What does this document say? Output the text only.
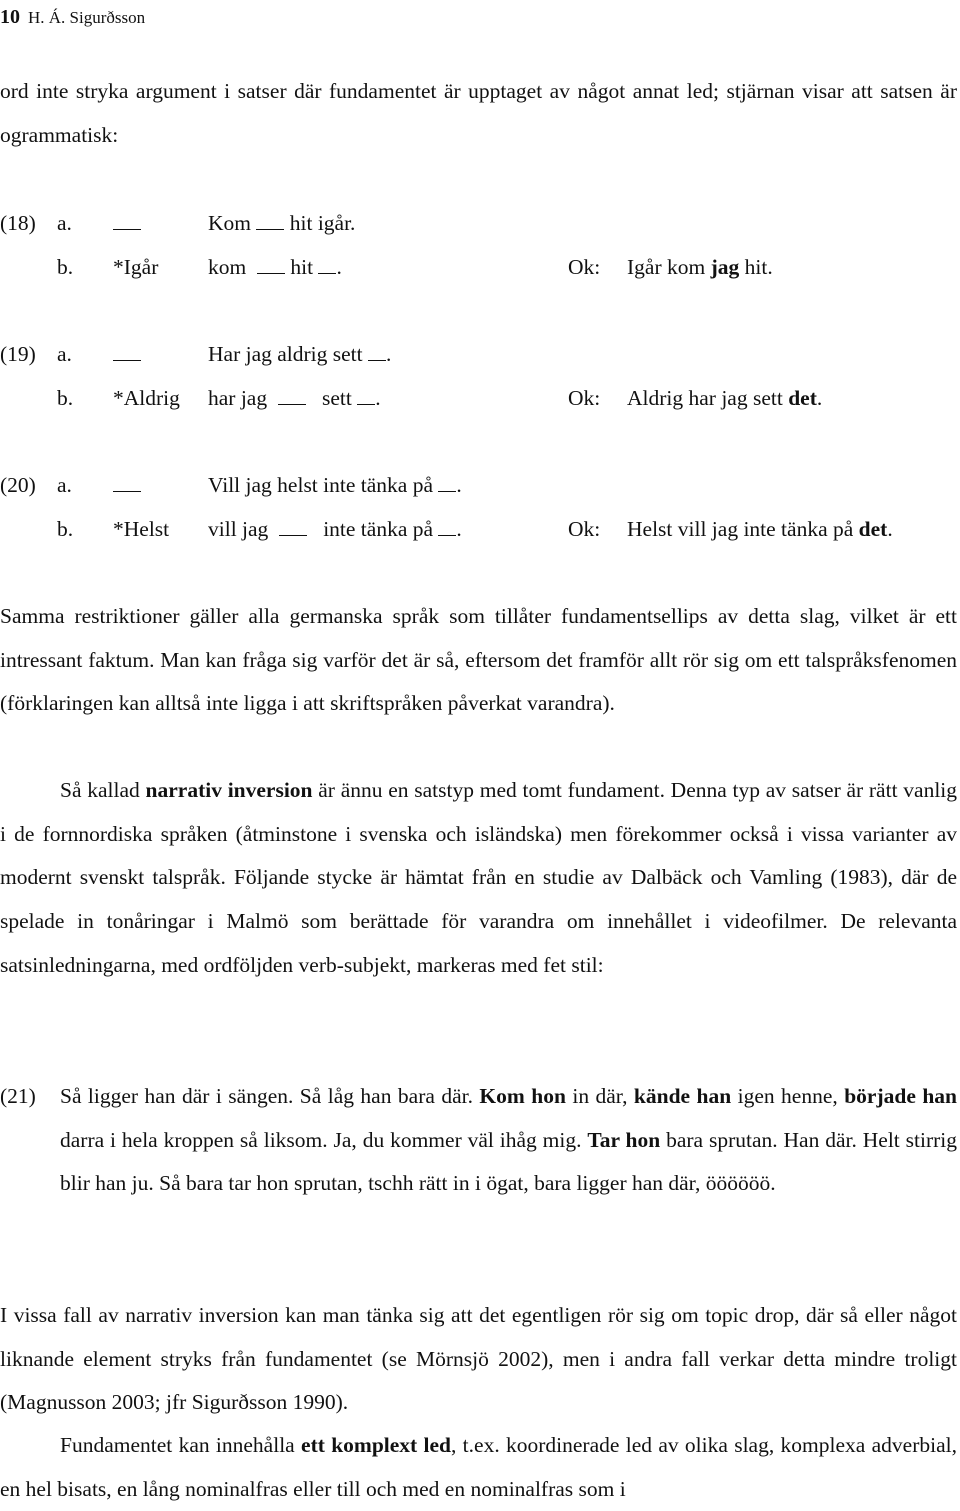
10 H. Á. Sigurðsson
ord inte stryka argument i satser där fundamentet är upptaget av något annat led; stjärnan visar att satsen är ogrammatisk:
(18) a.	Kom hit igår.
b. *Igår kom hit .	Ok: Igår kom jag hit.
(19) a.	Har jag aldrig sett .
b. *Aldrig har jag	sett .	Ok: Aldrig har jag sett det.
(20) a.	Vill jag helst inte tänka på .
b. *Helst vill jag	inte tänka på .	Ok: Helst vill jag inte tänka på det.
Samma restriktioner gäller alla germanska språk som tillåter fundamentsellips av detta slag, vilket är ett intressant faktum. Man kan fråga sig varför det är så, eftersom det framför allt rör sig om ett talspråksfenomen (förklaringen kan alltså inte ligga i att skriftspråken påverkat varandra).
Så kallad narrativ inversion är ännu en satstyp med tomt fundament. Denna typ av satser är rätt vanlig i de fornnordiska språken (åtminstone i svenska och isländska) men förekommer också i vissa varianter av modernt svenskt talspråk. Följande stycke är hämtat från en studie av Dalbäck och Vamling (1983), där de spelade in tonåringar i Malmö som berättade för varandra om innehållet i videofilmer. De relevanta satsinledningarna, med ordföljden verb-subjekt, markeras med fet stil:
(21) Så ligger han där i sängen. Så låg han bara där. Kom hon in där, kände han igen henne, började han darra i hela kroppen så liksom. Ja, du kommer väl ihåg mig. Tar hon bara sprutan. Han där. Helt stirrig blir han ju. Så bara tar hon sprutan, tschh rätt in i ögat, bara ligger han där, öööööö.
I vissa fall av narrativ inversion kan man tänka sig att det egentligen rör sig om topic drop, där så eller något liknande element stryks från fundamentet (se Mörnsjö 2002), men i andra fall verkar detta mindre troligt (Magnusson 2003; jfr Sigurðsson 1990).
Fundamentet kan innehålla ett komplext led, t.ex. koordinerade led av olika slag, komplexa adverbial, en hel bisats, en lång nominalfras eller till och med en nominalfras som i
